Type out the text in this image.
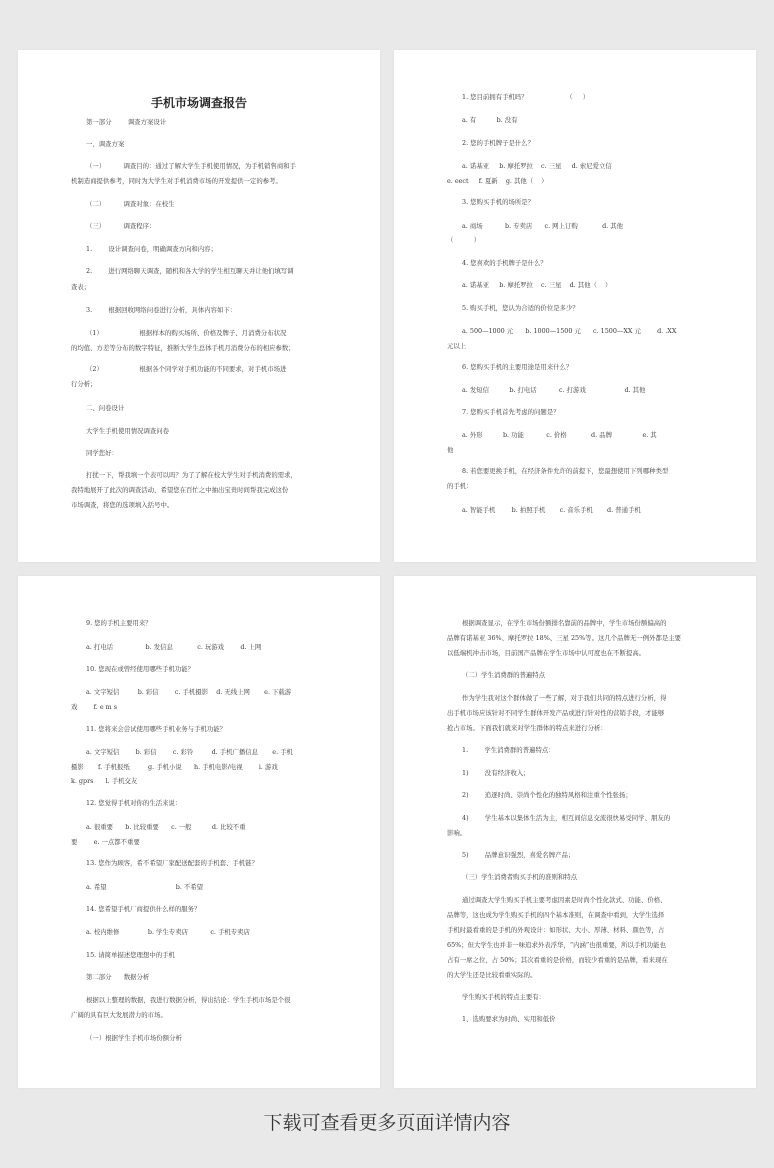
手机市场调查报告

第一部分        调查方案设计

一、调查方案

（一）         调查目的：通过了解大学生手机使用情况，为手机销售商和手

机制造商提供参考，同时为大学生对手机消费市场的开发提供一定的参考。

（二）         调查对象：在校生

（三）         调查程序：

1.        设计调查问卷，明确调查方向和内容；

2.        进行网络聊天调查，随机和各大学的学生相互聊天并让他们填写调

查表；

3.        根据回收网络问卷进行分析，具体内容如下：

（1）                  根据样本的购买场所、价格及牌子、月消费分布状况

的均值、方差等分布的数字特征，推断大学生总体手机月消费分布的相应参数；

（2）                  根据各个同学对手机功能的不同要求，对手机市场进

行分析；

二、问卷设计

大学生手机使用情况调查问卷

同学您好：

打扰一下，帮我填一个表可以吗？为了了解在校大学生对手机消费的需求，

我特地展开了此次的调查活动，希望您在百忙之中抽出宝贵时间帮我完成这份

市场调查，将您的选项填入括号中。

1. 您目前拥有手机吗？                   （     ）

a. 有          b. 没有

2. 您的手机牌子是什么？

a. 诺基亚     b. 摩托罗拉    c. 三星     d. 索尼爱立信

e. eect     f. 夏新    g. 其他（    ）

3. 您购买手机的场所是？

a. 商场           b. 专卖店      c. 网上订购            d. 其他

（          ）

4. 您喜欢的手机牌子是什么？

a. 诺基亚     b. 摩托罗拉    c. 三星    d. 其他（    ）

5. 购买手机，您认为合适的价位是多少？

a. 500—1000 元      b. 1000—1500 元      c. 1500—XX 元        d. .XX

元以上

6. 您购买手机的主要用途是用来什么？

a. 发短信          b. 打电话           c. 打游戏                   d. 其他

7. 您购买手机首先考虑的问题是？

a. 外形          b. 功能           c. 价格            d. 品牌               e. 其

他

8. 若您要更换手机，在经济条件允许的前提下，您最想使用下列哪种类型

的手机：

a. 智能手机        b. 拍照手机       c. 音乐手机       d. 普通手机

9. 您的手机主要用来？

a. 打电话                b. 发信息            c. 玩游戏        d. 上网

10. 您现在或曾经使用哪些手机功能？

a. 文字短信         b. 彩信        c. 手机摄影    d. 无线上网       e. 下载游

戏        f. e m s

11. 您将来会尝试使用哪些手机业务与手机功能？

a. 文字短信        b. 彩信        c. 彩铃         d. 手机广播信息       e. 手机

摄影       f. 手机报纸         g. 手机小说      h. 手机电影/电视        i. 游戏

k. gprs      l. 手机交友

12. 您觉得手机对你的生活来说：

a. 很重要      b. 比较重要      c. 一般          d. 比较不重

要        e. 一点都不重要

13. 您作为顾客，希不希望厂家配送配套的手机套、手机链？

a. 希望                                  b. 不希望

14. 您希望手机厂商提供什么样的服务？

a. 校内维修              b. 学生专卖店           c. 手机专卖店

15. 请简单描述您理想中的手机

第二部分      数据分析

根据以上整理的数据，我进行数据分析，得出结论：学生手机市场是个很

广阔的具有巨大发展潜力的市场。

（一）根据学生手机市场份额分析

根据调查显示，在学生市场份额排名靠前的品牌中，学生市场份额偏高的

品牌有诺基亚 36%、摩托罗拉 18%、三星 25%等。这几个品牌无一例外都是主要

以低端机冲击市场，目前国产品牌在学生市场中认可度也在不断提高。

（二）学生消费群的普遍特点

作为学生我对这个群体做了一些了解，对于我们共同的特点进行分析，得

出手机市场应该针对不同学生群体开发产品或进行针对性的营销手段，才能够

抢占市场。下面我们就来对学生群体的特点来进行分析：

1.        学生消费群的普遍特点：

1)        没有经济收入；

2)        追逐时尚、崇尚个性化的独特风格和注重个性张扬；

4)        学生基本以集体生活为主，相互间信息交流很快易受同学、朋友的

影响。

5)        品牌意识强烈，喜爱名牌产品；

（三）学生消费者购买手机的准则和特点

通过调查大学生购买手机主要考虑因素是时尚个性化款式、功能、价格、

品牌等，这也成为学生购买手机的四个基本准则，在调查中看到，大学生选择

手机时最看重的是手机的外观设计：如形状、大小、厚薄、材料、颜色等，占

65%；但大学生也并非一味追求外表浮华，“内涵”也很重要，所以手机功能也

占有一席之位，占 50%；其次看重的是价格，而较少看重的是品牌，看来现在

的大学生还是比较看重实际的。

学生购买手机的特点主要有：

1、选购要求为时尚、实用和低价

下载可查看更多页面详情内容
